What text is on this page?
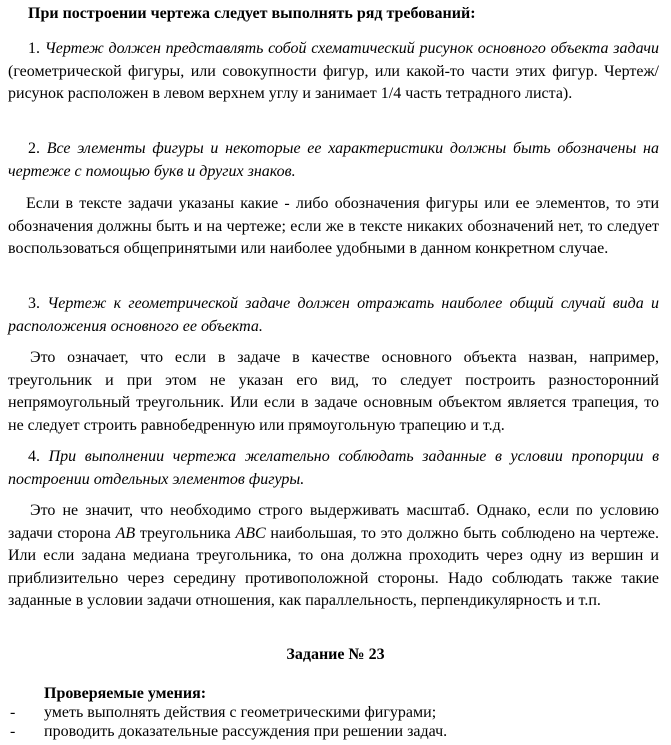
При построении чертежа следует выполнять ряд требований:

1. Чертеж должен представлять собой схематический рисунок основного объекта задачи (геометрической фигуры, или совокупности фигур, или какой-то части этих фигур. Чертеж/рисунок расположен в левом верхнем углу и занимает 1/4 часть тетрадного листа).

2. Все элементы фигуры и некоторые ее характеристики должны быть обозначены на чертеже с помощью букв и других знаков.

Если в тексте задачи указаны какие - либо обозначения фигуры или ее элементов, то эти обозначения должны быть и на чертеже; если же в тексте никаких обозначений нет, то следует воспользоваться общепринятыми или наиболее удобными в данном конкретном случае.

3. Чертеж к геометрической задаче должен отражать наиболее общий случай вида и расположения основного ее объекта.

Это означает, что если в задаче в качестве основного объекта назван, например, треугольник и при этом не указан его вид, то следует построить разносторонний непрямоугольный треугольник. Или если в задаче основным объектом является трапеция, то не следует строить равнобедренную или прямоугольную трапецию и т.д.

4. При выполнении чертежа желательно соблюдать заданные в условии пропорции в построении отдельных элементов фигуры.

Это не значит, что необходимо строго выдерживать масштаб. Однако, если по условию задачи сторона AB треугольника ABC наибольшая, то это должно быть соблюдено на чертеже. Или если задана медиана треугольника, то она должна проходить через одну из вершин и приблизительно через середину противоположной стороны. Надо соблюдать также такие заданные в условии задачи отношения, как параллельность, перпендикулярность и т.п.

Задание № 23

Проверяемые умения:

- уметь выполнять действия с геометрическими фигурами;

- проводить доказательные рассуждения при решении задач.
